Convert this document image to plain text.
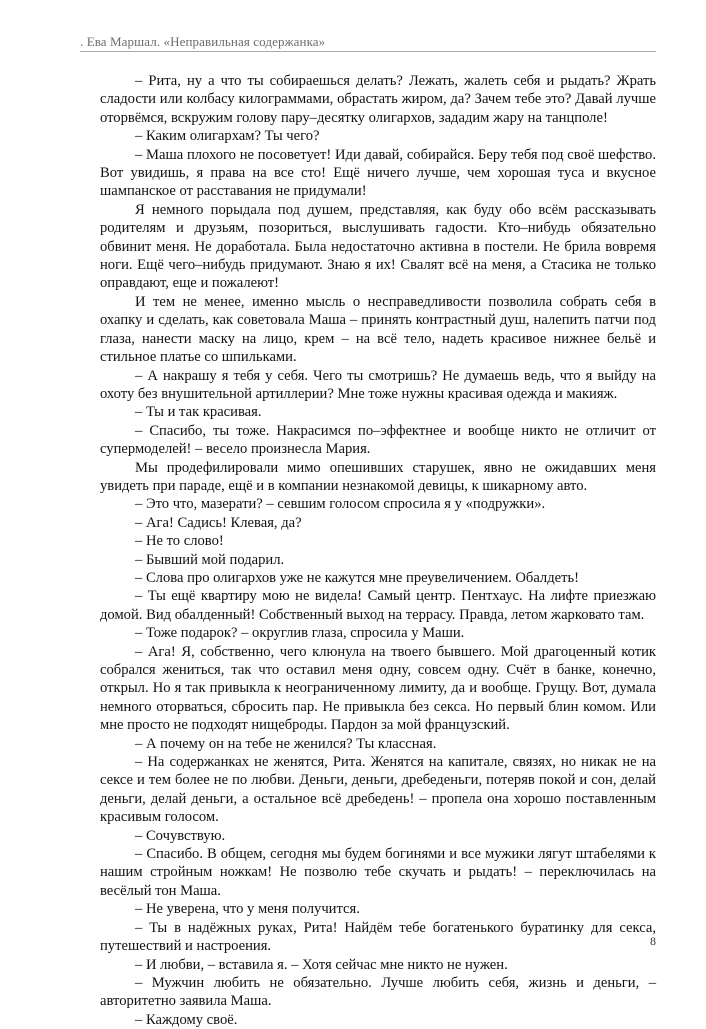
. Ева Маршал. «Неправильная содержанка»

– Рита, ну а что ты собираешься делать? Лежать, жалеть себя и рыдать? Жрать сладости или колбасу килограммами, обрастать жиром, да? Зачем тебе это? Давай лучше оторвёмся, вскружим голову пару–десятку олигархов, зададим жару на танцполе!

– Каким олигархам? Ты чего?

– Маша плохого не посоветует! Иди давай, собирайся. Беру тебя под своё шефство. Вот увидишь, я права на все сто! Ещё ничего лучше, чем хорошая туса и вкусное шампанское от расставания не придумали!

Я немного порыдала под душем, представляя, как буду обо всём рассказывать родителям и друзьям, позориться, выслушивать гадости. Кто–нибудь обязательно обвинит меня. Не доработала. Была недостаточно активна в постели. Не брила вовремя ноги. Ещё чего–нибудь придумают. Знаю я их! Свалят всё на меня, а Стасика не только оправдают, еще и пожалеют!

И тем не менее, именно мысль о несправедливости позволила собрать себя в охапку и сделать, как советовала Маша – принять контрастный душ, налепить патчи под глаза, нанести маску на лицо, крем – на всё тело, надеть красивое нижнее бельё и стильное платье со шпильками.

– А накрашу я тебя у себя. Чего ты смотришь? Не думаешь ведь, что я выйду на охоту без внушительной артиллерии? Мне тоже нужны красивая одежда и макияж.

– Ты и так красивая.

– Спасибо, ты тоже. Накрасимся по–эффектнее и вообще никто не отличит от супермоделей! – весело произнесла Мария.

Мы продефилировали мимо опешивших старушек, явно не ожидавших меня увидеть при параде, ещё и в компании незнакомой девицы, к шикарному авто.

– Это что, мазерати? – севшим голосом спросила я у «подружки».

– Ага! Садись! Клевая, да?

– Не то слово!

– Бывший мой подарил.

– Слова про олигархов уже не кажутся мне преувеличением. Обалдеть!

– Ты ещё квартиру мою не видела! Самый центр. Пентхаус. На лифте приезжаю домой. Вид обалденный! Собственный выход на террасу. Правда, летом жарковато там.

– Тоже подарок? – округлив глаза, спросила у Маши.

– Ага! Я, собственно, чего клюнула на твоего бывшего. Мой драгоценный котик собрался жениться, так что оставил меня одну, совсем одну. Счёт в банке, конечно, открыл. Но я так привыкла к неограниченному лимиту, да и вообще. Грущу. Вот, думала немного оторваться, сбросить пар. Не привыкла без секса. Но первый блин комом. Или мне просто не подходят нищеброды. Пардон за мой французский.

– А почему он на тебе не женился? Ты классная.

– На содержанках не женятся, Рита. Женятся на капитале, связях, но никак не на сексе и тем более не по любви. Деньги, деньги, дребеденьги, потеряв покой и сон, делай деньги, делай деньги, а остальное всё дребедень! – пропела она хорошо поставленным красивым голосом.

– Сочувствую.

– Спасибо. В общем, сегодня мы будем богинями и все мужики лягут штабелями к нашим стройным ножкам! Не позволю тебе скучать и рыдать! – переключилась на весёлый тон Маша.

– Не уверена, что у меня получится.

– Ты в надёжных руках, Рита! Найдём тебе богатенького буратинку для секса, путешествий и настроения.

– И любви, – вставила я. – Хотя сейчас мне никто не нужен.

– Мужчин любить не обязательно. Лучше любить себя, жизнь и деньги, – авторитетно заявила Маша.

– Каждому своё.

8
